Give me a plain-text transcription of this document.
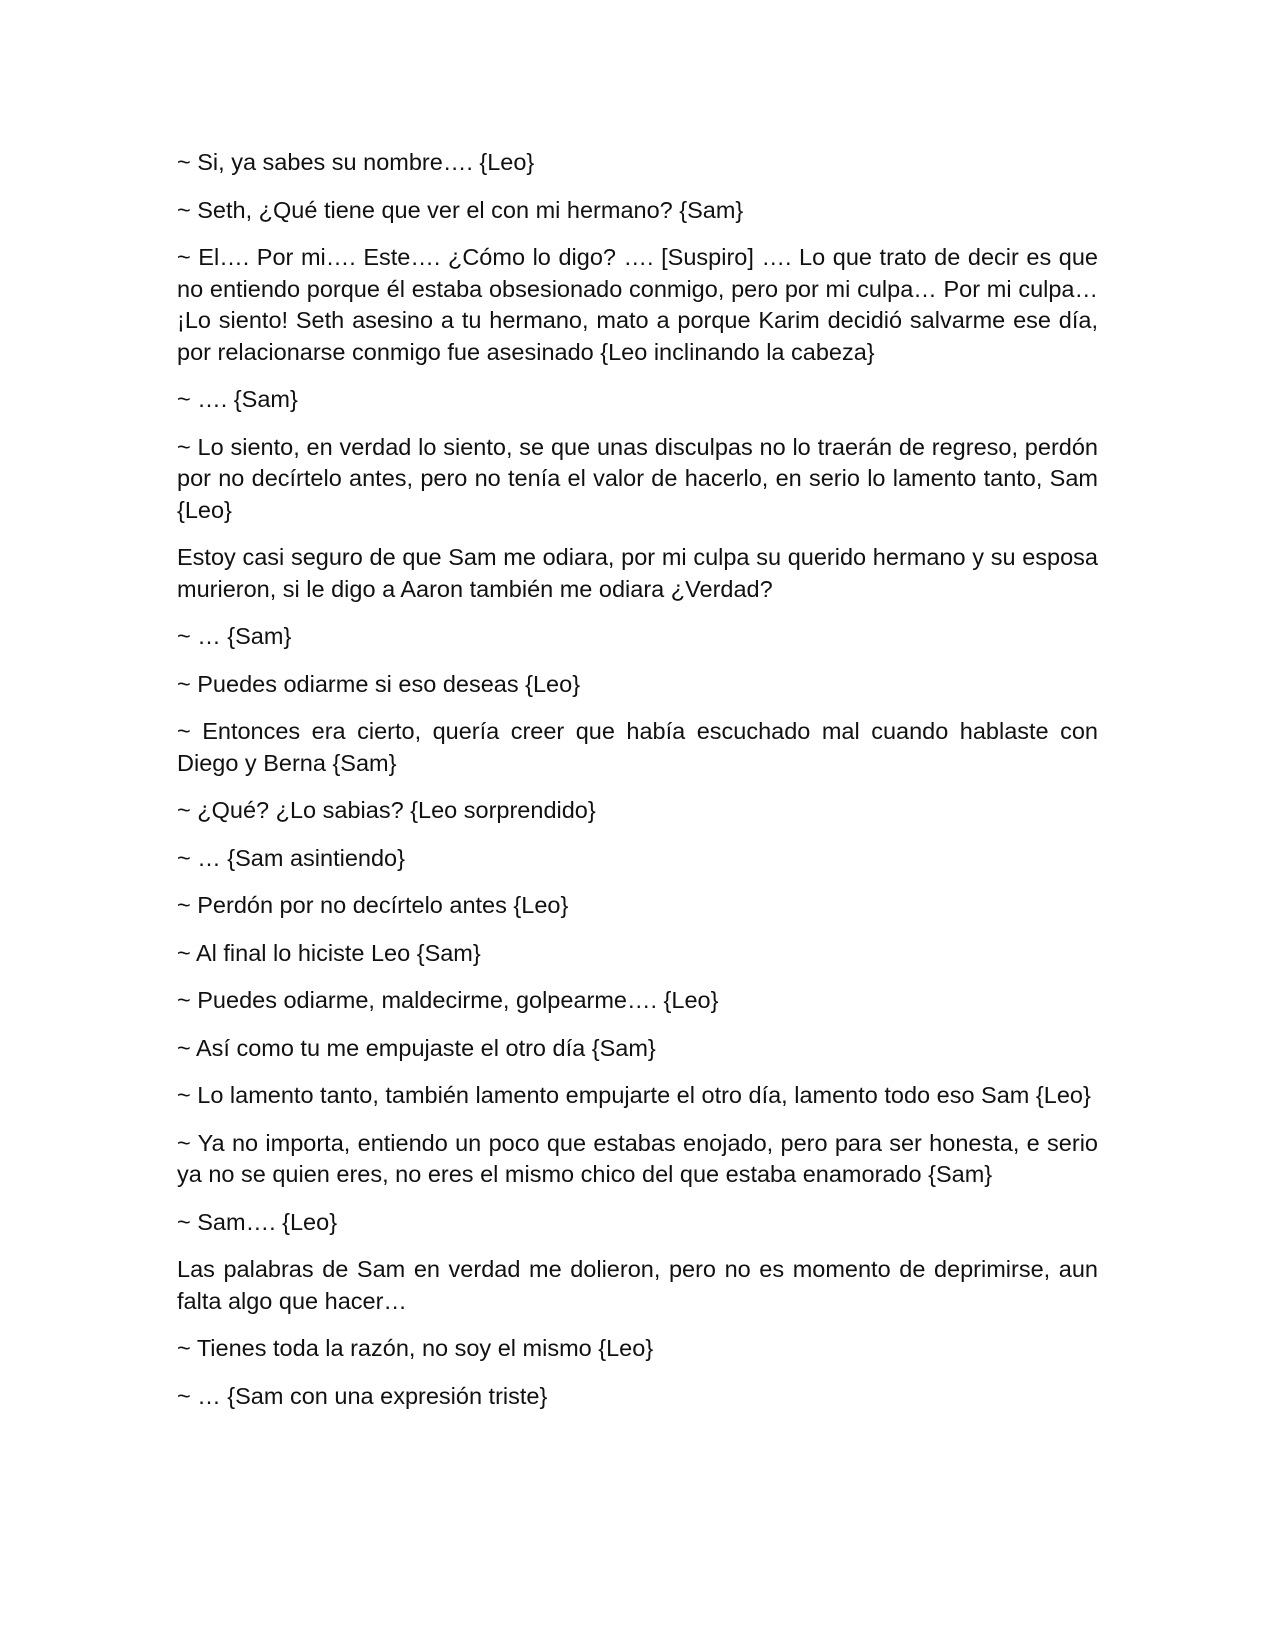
~ Si, ya sabes su nombre…. {Leo}

~ Seth, ¿Qué tiene que ver el con mi hermano? {Sam}

~ El…. Por mi…. Este…. ¿Cómo lo digo? …. [Suspiro] …. Lo que trato de decir es que no entiendo porque él estaba obsesionado conmigo, pero por mi culpa… Por mi culpa… ¡Lo siento! Seth asesino a tu hermano, mato a porque Karim decidió salvarme ese día, por relacionarse conmigo fue asesinado {Leo inclinando la cabeza}

~ …. {Sam}

~ Lo siento, en verdad lo siento, se que unas disculpas no lo traerán de regreso, perdón por no decírtelo antes, pero no tenía el valor de hacerlo, en serio lo lamento tanto, Sam {Leo}

Estoy casi seguro de que Sam me odiara, por mi culpa su querido hermano y su esposa murieron, si le digo a Aaron también me odiara ¿Verdad?

~ … {Sam}

~ Puedes odiarme si eso deseas {Leo}

~ Entonces era cierto, quería creer que había escuchado mal cuando hablaste con Diego y Berna {Sam}

~ ¿Qué? ¿Lo sabias? {Leo sorprendido}

~ … {Sam asintiendo}

~ Perdón por no decírtelo antes {Leo}

~ Al final lo hiciste Leo {Sam}

~ Puedes odiarme, maldecirme, golpearme…. {Leo}

~ Así como tu me empujaste el otro día {Sam}

~ Lo lamento tanto, también lamento empujarte el otro día, lamento todo eso Sam {Leo}

~ Ya no importa, entiendo un poco que estabas enojado, pero para ser honesta, e serio ya no se quien eres, no eres el mismo chico del que estaba enamorado {Sam}

~ Sam…. {Leo}

Las palabras de Sam en verdad me dolieron, pero no es momento de deprimirse, aun falta algo que hacer…

~ Tienes toda la razón, no soy el mismo {Leo}

~ … {Sam con una expresión triste}
